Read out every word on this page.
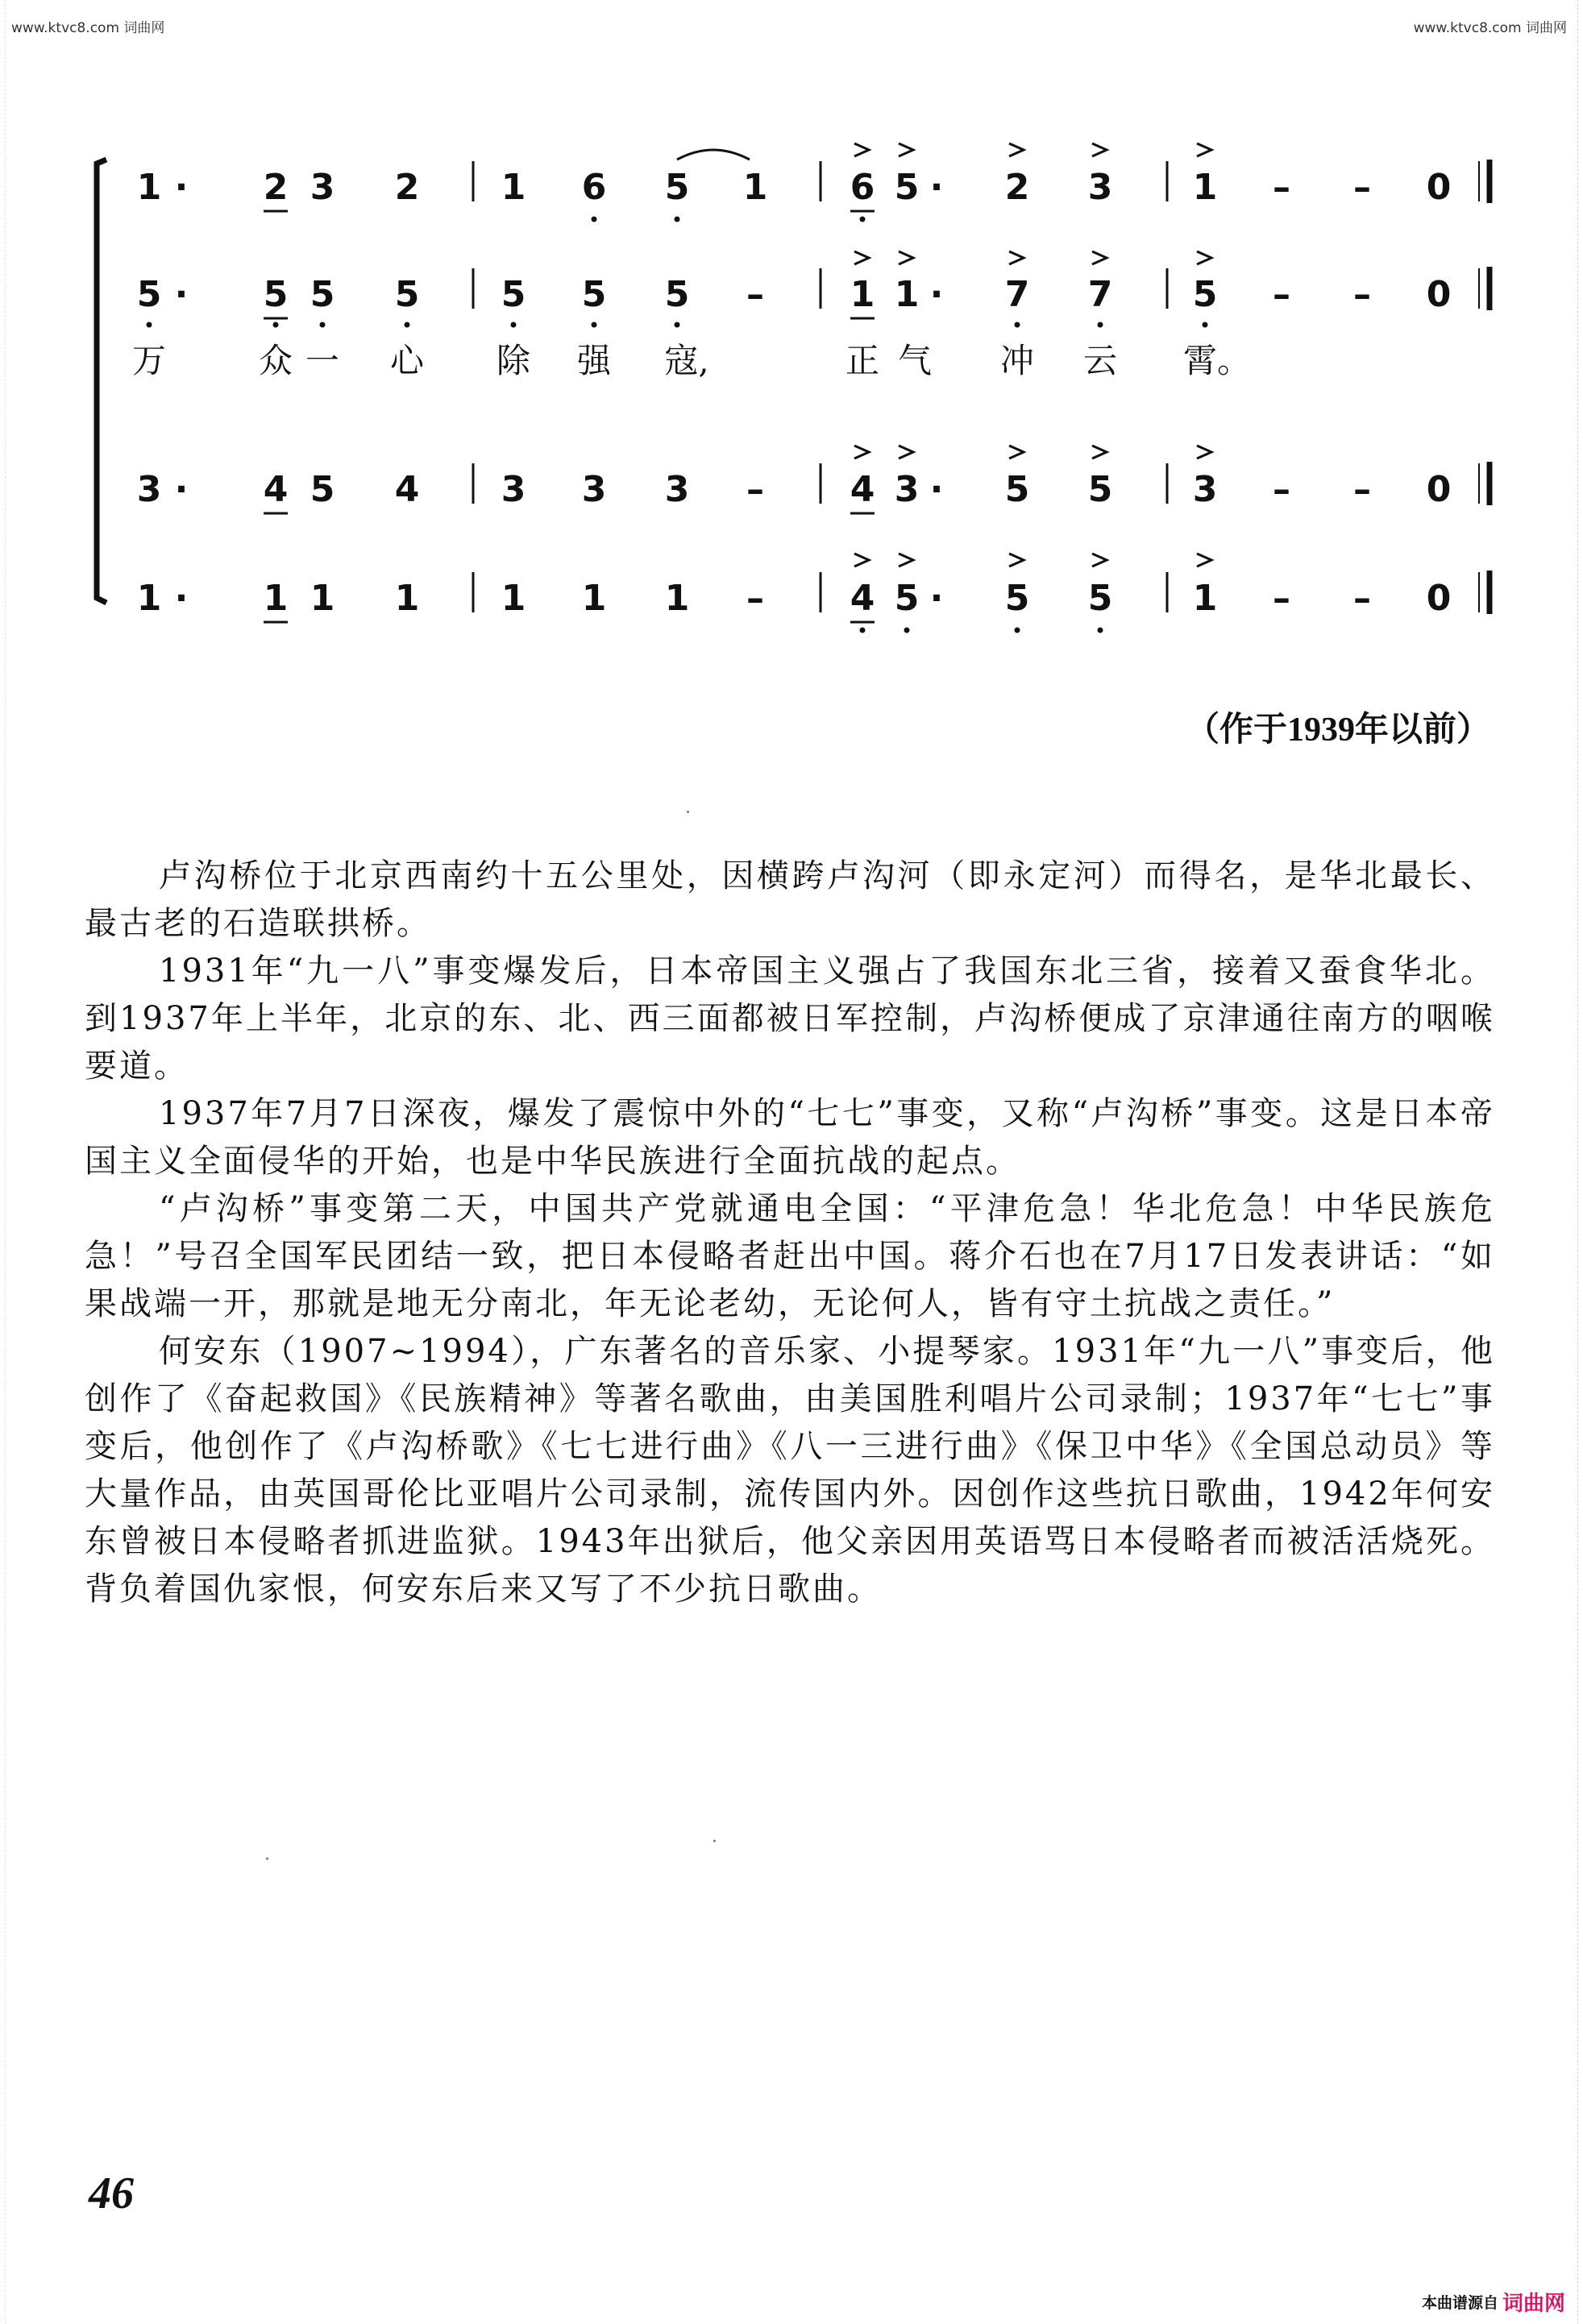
www.ktvc8.com 词曲网	www.ktvc8.com 词曲网
1 · 2 3 2 1 6 5 1 6 5 · 2 3 1 – – 0
5 · 5 5 5 5 5 5 – 1 1 · 7 7 5 – – 0
万	众 一 心 除 强 寇,	正 气 冲 云 霄。
3 · 4 5 4 3 3 3 – 4 3 · 5 5 3 – – 0
1 · 1 1 1 1 1 1 – 4 5 · 5 5 1 – – 0
（作于1939年以前）

卢沟桥位于北京西南约十五公里处，因横跨卢沟河（即永定河）而得名，是华北最长、最古老的石造联拱桥。

1931年“九一八”事变爆发后，日本帝国主义强占了我国东北三省，接着又蚕食华北。到1937年上半年，北京的东、北、西三面都被日军控制，卢沟桥便成了京津通往南方的咽喉要道。

1937年7月7日深夜，爆发了震惊中外的“七七”事变，又称“卢沟桥”事变。这是日本帝国主义全面侵华的开始，也是中华民族进行全面抗战的起点。

“卢沟桥”事变第二天，中国共产党就通电全国：“平津危急！华北危急！中华民族危急！”号召全国军民团结一致，把日本侵略者赶出中国。蒋介石也在7月17日发表讲话：“如果战端一开，那就是地无分南北，年无论老幼，无论何人，皆有守土抗战之责任。”

何安东（1907~1994），广东著名的音乐家、小提琴家。1931年“九一八”事变后，他创作了《奋起救国》《民族精神》等著名歌曲，由美国胜利唱片公司录制；1937年“七七”事变后，他创作了《卢沟桥歌》《七七进行曲》《八一三进行曲》《保卫中华》《全国总动员》等大量作品，由英国哥伦比亚唱片公司录制，流传国内外。因创作这些抗日歌曲，1942年何安东曾被日本侵略者抓进监狱。1943年出狱后，他父亲因用英语骂日本侵略者而被活活烧死。背负着国仇家恨，何安东后来又写了不少抗日歌曲。

46
本曲谱源自 词曲网
